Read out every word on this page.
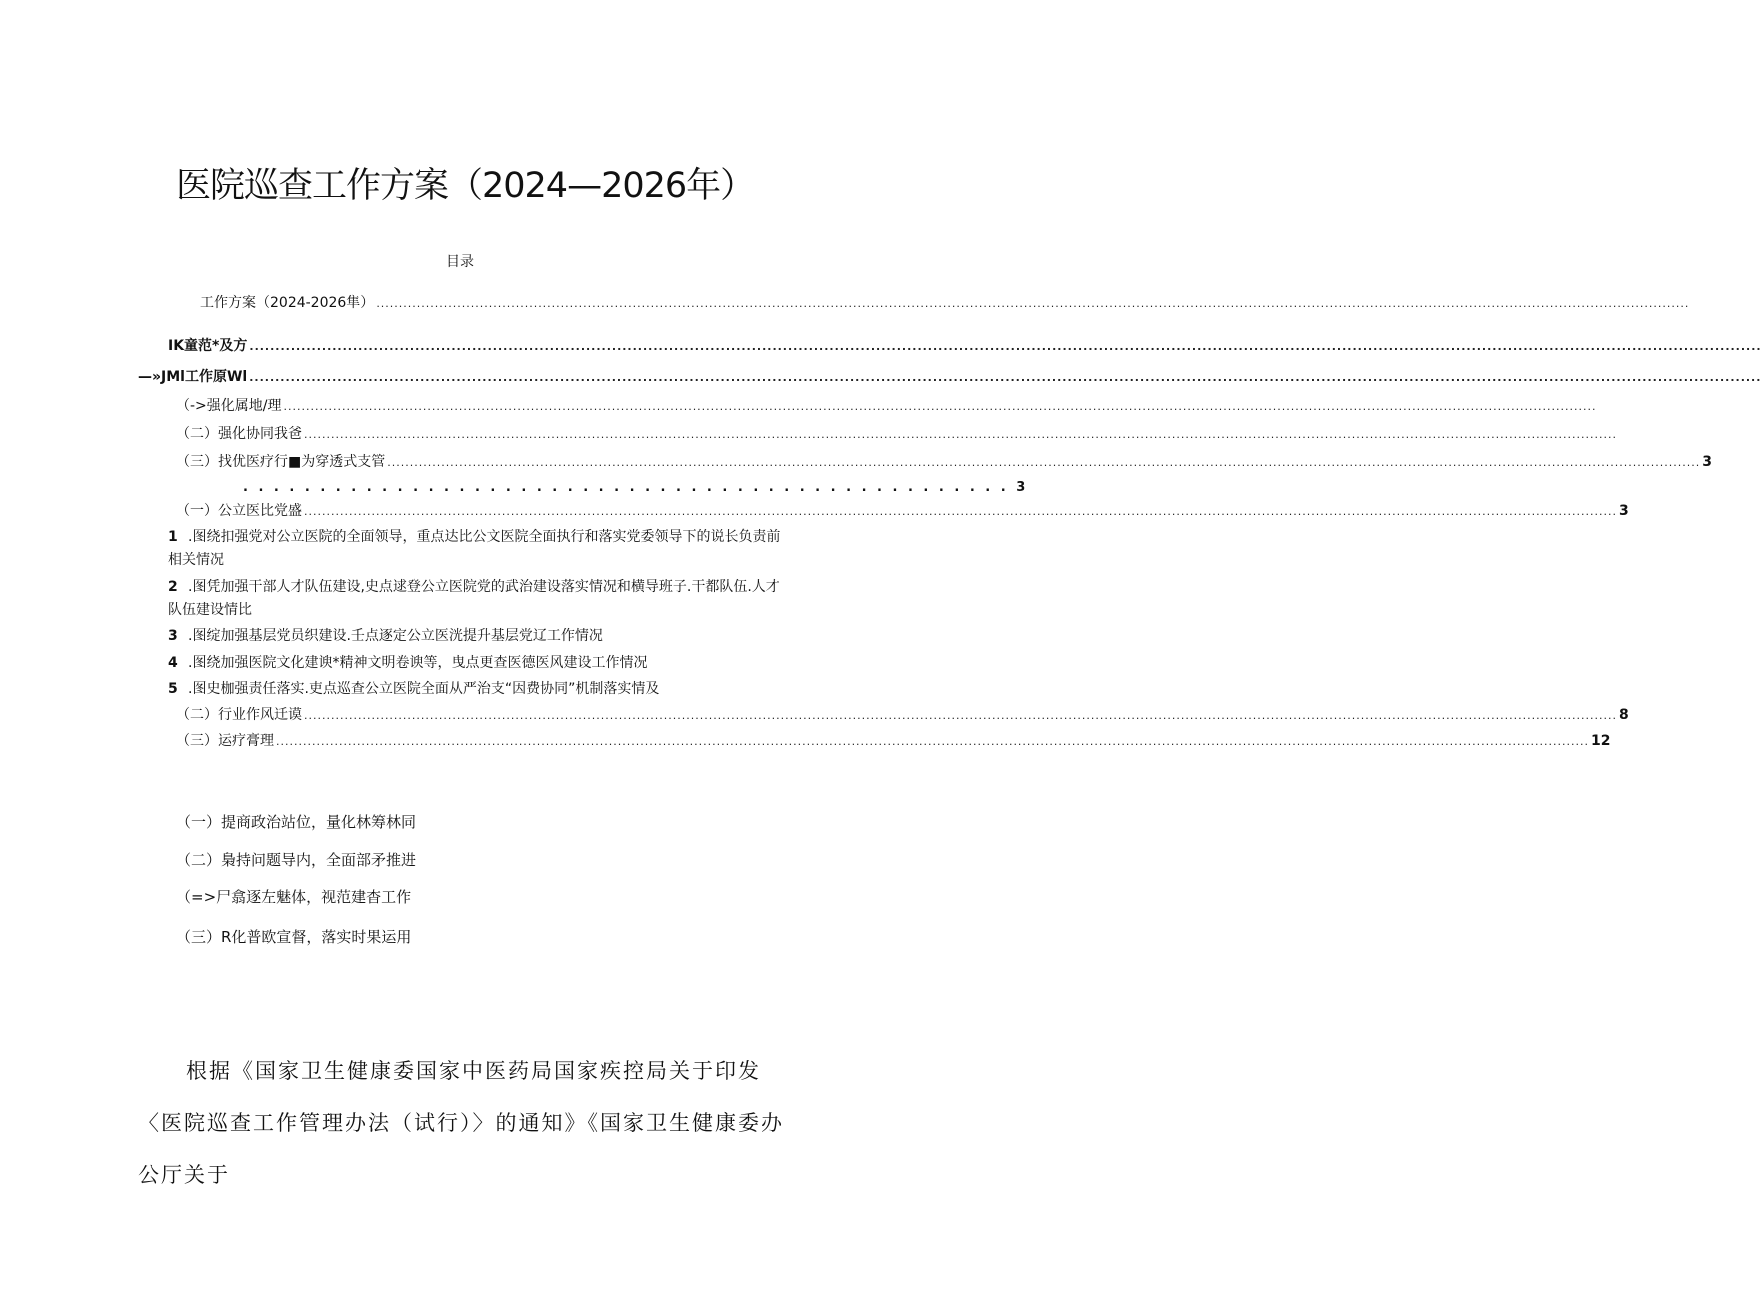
医院巡查工作方案（2024—2026年）
目录
工作方案（2024-2026隼）
.....
IK童范*及方
.....
—»JMl工作原Wl
.....
（->强化属地/理
.....
（二）强化协同我爸
.....
（三）找优医疗行■为穿透式支管 .....	3
. . . . . . . . . . . . . . . . . . . . . . . . . . . . . . . . . . . . . . . . . . . . . . . . . . 3
（一）公立医比党盛 .....	3
1 .图绕扣强党对公立医院的全面领导，重点达比公文医院全面执行和落实党委领导下的说长负责前相关情况
2 .图凭加强干部人才队伍建设,史点逑登公立医院党的武治建设落实情况和横导班子.干都队伍.人才队伍建设情比
3 .图绽加强基层党员织建设.壬点逐定公立医洸提升基层党辽工作情况
4 .图绕加强医院文化建谀*精神文明卷谀等，曳点更查医德医风建设工作情况
5 .图史枷强责任落实.吏点巡查公立医院全面从严治支“因费协同”机制落实情及
（二）行业作风迁谟 .....	8
（三）运疗膏理 .....	12
（一）提商政治站位，量化林筹林同
（二）梟持问题导内，全面部矛推进
（=>尸翕逐左魅体，视范建杳工作
（三）R化普欧宣督，落实时果运用
根据《国家卫生健康委国家中医药局国家疾控局关于印发〈医院巡查工作管理办法（试行）〉的通知》《国家卫生健康委办公厅关于
